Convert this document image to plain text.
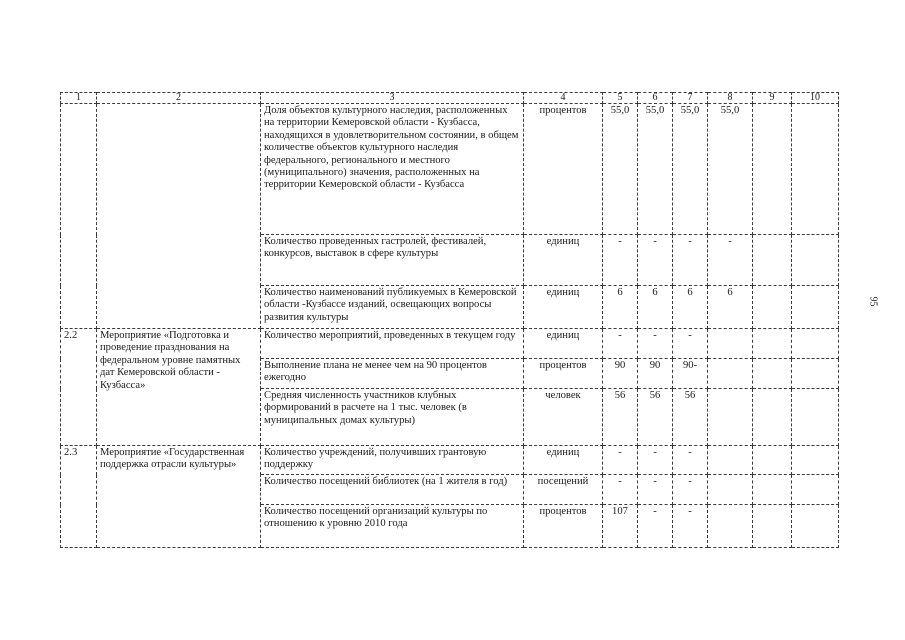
1	2	3	4	5	6	7	8	9	10
		Доля объектов культурного наследия, расположенных на территории Кемеровской области - Кузбасса, находящихся в удовлетворительном состоянии, в общем количестве объектов культурного наследия федерального, регионального и местного (муниципального) значения, расположенных на территории Кемеровской области - Кузбасса	процентов	55,0	55,0	55,0	55,0		
		Количество проведенных гастролей, фестивалей, конкурсов, выставок в сфере культуры	единиц	-	-	-	-		
		Количество наименований публикуемых в Кемеровской области -Кузбассе изданий, освещающих вопросы развития культуры	единиц	6	6	6	6		
2.2	Мероприятие «Подготовка и проведение празднования на федеральном уровне памятных дат Кемеровской области - Кузбасса»	Количество мероприятий, проведенных в текущем году	единиц	-	-	-			
		Выполнение плана не менее чем на 90 процентов ежегодно	процентов	90	90	90-			
		Средняя численность участников клубных формирований в расчете на 1 тыс. человек (в муниципальных домах культуры)	человек	56	56	56			
2.3	Мероприятие «Государственная поддержка отрасли культуры»	Количество учреждений, получивших грантовую поддержку	единиц	-	-	-			
		Количество посещений библиотек (на 1 жителя в год)	посещений	-	-	-			
		Количество посещений организаций культуры по отношению к уровню 2010 года	процентов	107	-	-			
95
